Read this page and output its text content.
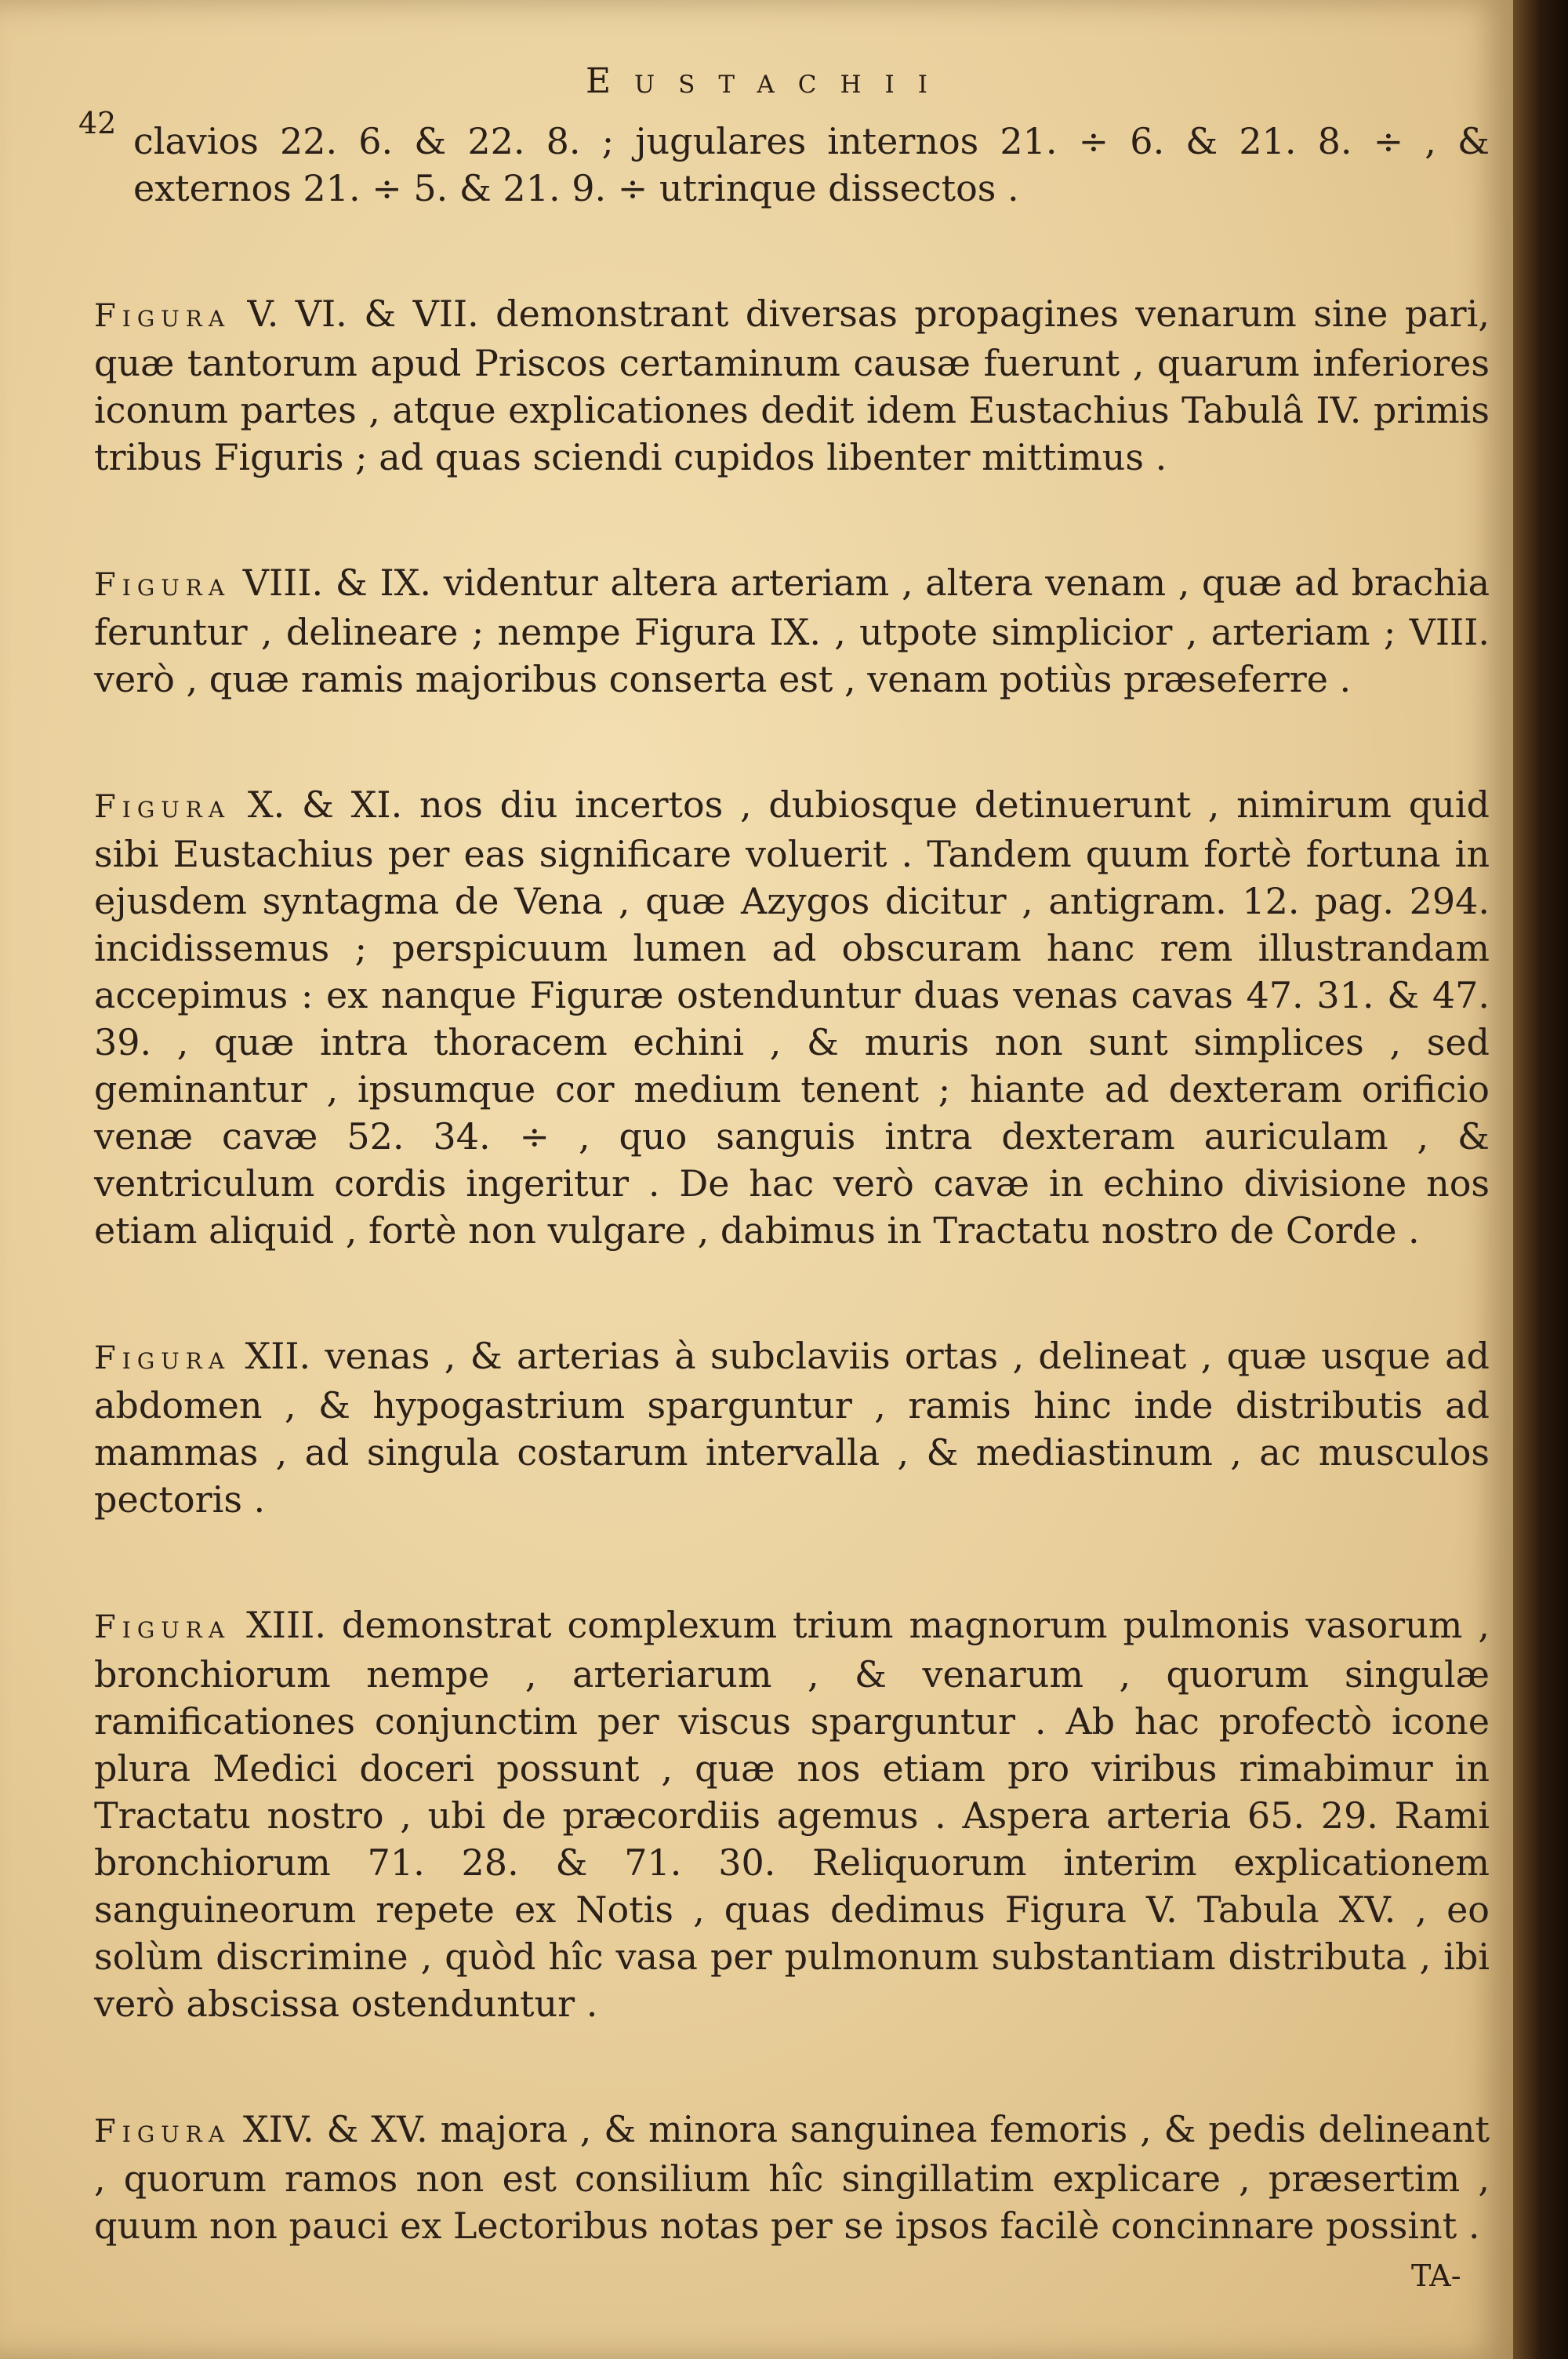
Eustachii
42 clavios 22. 6. & 22. 8. ; jugulares internos 21. ÷ 6. & 21. 8. ÷ , & externos 21. ÷ 5. & 21. 9. ÷ utrinque dissectos .

Figura V. VI. & VII. demonstrant diversas propagines venarum sine pari, quæ tantorum apud Priscos certaminum causæ fuerunt , quarum inferiores iconum partes , atque explicationes dedit idem Eustachius Tabulâ IV. primis tribus Figuris ; ad quas sciendi cupidos libenter mittimus .

Figura VIII. & IX. videntur altera arteriam , altera venam , quæ ad brachia feruntur , delineare ; nempe Figura IX. , utpote simplicior , arteriam ; VIII. verò , quæ ramis majoribus conserta est , venam potiùs præseferre .

Figura X. & XI. nos diu incertos , dubiosque detinuerunt , nimirum quid sibi Eustachius per eas significare voluerit . Tandem quum fortè fortuna in ejusdem syntagma de Vena , quæ Azygos dicitur , antigram. 12. pag. 294. incidissemus ; perspicuum lumen ad obscuram hanc rem illustrandam accepimus : ex nanque Figuræ ostenduntur duas venas cavas 47. 31. & 47. 39. , quæ intra thoracem echini , & muris non sunt simplices , sed geminantur , ipsumque cor medium tenent ; hiante ad dexteram orificio venæ cavæ 52. 34. ÷ , quo sanguis intra dexteram auriculam , & ventriculum cordis ingeritur . De hac verò cavæ in echino divisione nos etiam aliquid , fortè non vulgare , dabimus in Tractatu nostro de Corde .

Figura XII. venas , & arterias à subclaviis ortas , delineat , quæ usque ad abdomen , & hypogastrium sparguntur , ramis hinc inde distributis ad mammas , ad singula costarum intervalla , & mediastinum , ac musculos pectoris .

Figura XIII. demonstrat complexum trium magnorum pulmonis vasorum , bronchiorum nempe , arteriarum , & venarum , quorum singulæ ramificationes conjunctim per viscus sparguntur . Ab hac profectò icone plura Medici doceri possunt , quæ nos etiam pro viribus rimabimur in Tractatu nostro , ubi de præcordiis agemus . Aspera arteria 65. 29. Rami bronchiorum 71. 28. & 71. 30. Reliquorum interim explicationem sanguineorum repete ex Notis , quas dedimus Figura V. Tabula XV. , eo solùm discrimine , quòd hîc vasa per pulmonum substantiam distributa , ibi verò abscissa ostenduntur .

Figura XIV. & XV. majora , & minora sanguinea femoris , & pedis delineant , quorum ramos non est consilium hîc singillatim explicare , præsertim , quum non pauci ex Lectoribus notas per se ipsos facilè concinnare possint .

TA-
